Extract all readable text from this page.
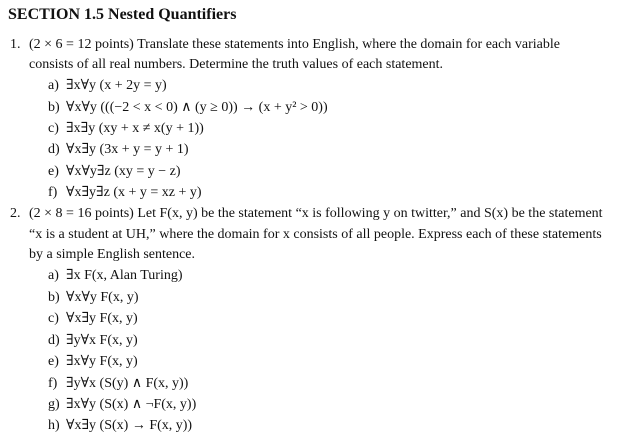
SECTION 1.5 Nested Quantifiers
1. (2 × 6 = 12 points) Translate these statements into English, where the domain for each variable
consists of all real numbers. Determine the truth values of each statement.
a) ∃x∀y (x + 2y = y)
b) ∀x∀y (((−2 < x < 0) ∧ (y ≥ 0)) → (x + y² > 0))
c) ∃x∃y (xy + x ≠ x(y + 1))
d) ∀x∃y (3x + y = y + 1)
e) ∀x∀y∃z (xy = y − z)
f) ∀x∃y∃z (x + y = xz + y)
2. (2 × 8 = 16 points) Let F(x, y) be the statement “x is following y on twitter,” and S(x) be the statement
“x is a student at UH,” where the domain for x consists of all people. Express each of these statements
by a simple English sentence.
a) ∃x F(x, Alan Turing)
b) ∀x∀y F(x, y)
c) ∀x∃y F(x, y)
d) ∃y∀x F(x, y)
e) ∃x∀y F(x, y)
f) ∃y∀x (S(y) ∧ F(x, y))
g) ∃x∀y (S(x) ∧ ¬F(x, y))
h) ∀x∃y (S(x) → F(x, y))
